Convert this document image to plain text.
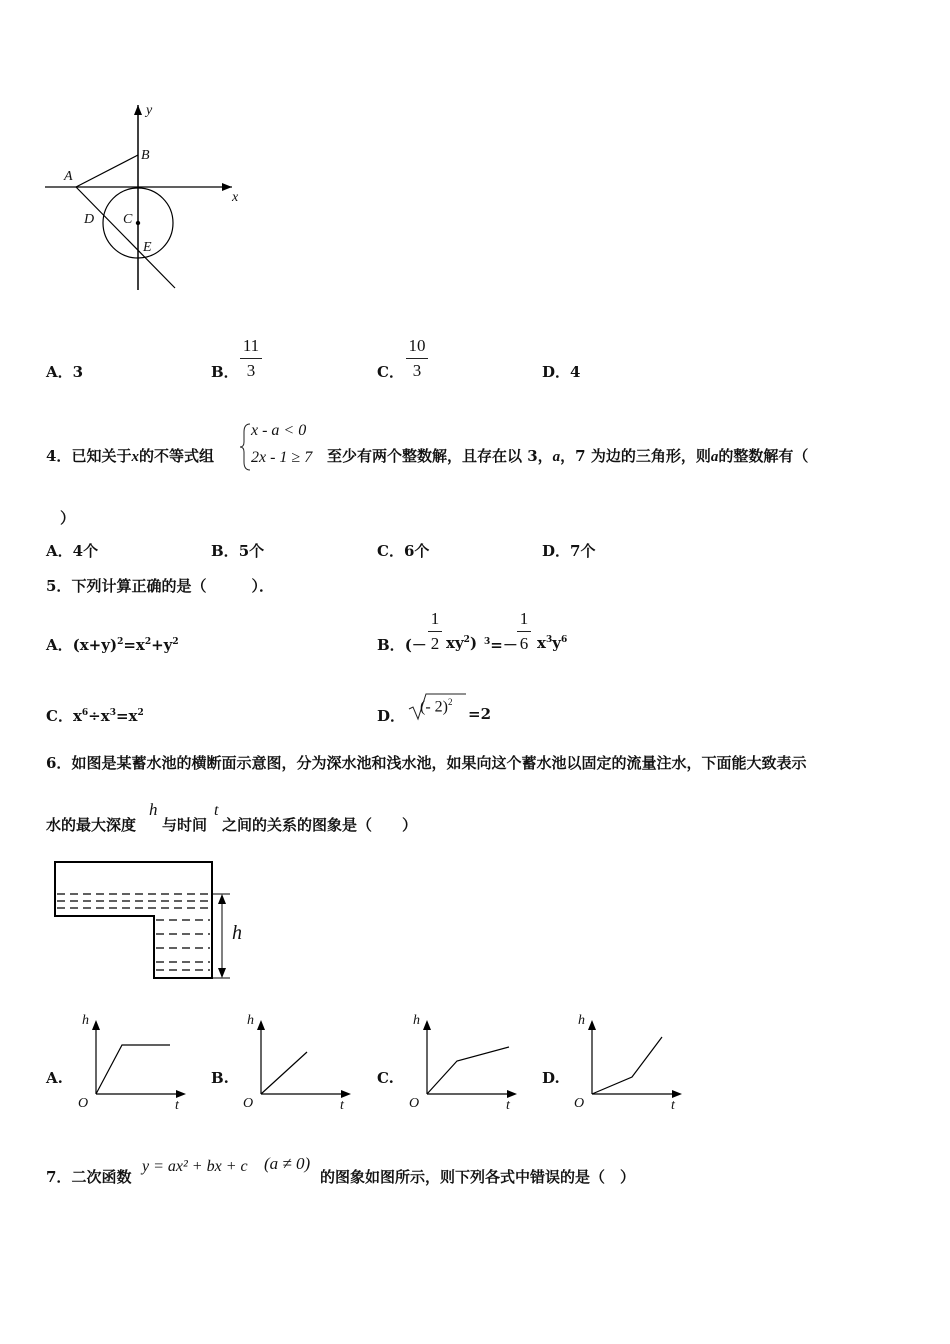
y
x
A
B
C
D
E
A．3	B．
11
3	C．
10
3	D．4
4．已知关于x的不等式组
x - a < 0
2x - 1 ≥ 7 至少有两个整数解，且存在以 3，a，7 为边的三角形，则a的整数解有（
）
A．4个	B．5个	C．6个	D．7个
5．下列计算正确的是（　　　）．
A．$(x+y)^2=x^2+y^2$	B．(－
1
2 $xy^2$) $^3$=－
1
6 $x^3y^6$
C．$x^6\div x^3=x^2$	D．
(- 2)$^2$
=2
6．如图是某蓄水池的横断面示意图，分为深水池和浅水池，如果向这个蓄水池以固定的流量注水，下面能大致表示
水的最大深度
h
与时间
t
之间的关系的图象是（　　）
h
A.
h
O	t
B.
h
O	t
C.
h
O	t
D.
h
O	t
7．二次函数
y = ax² + bx + c (a ≠ 0)
的图象如图所示，则下列各式中错误的是（　）
